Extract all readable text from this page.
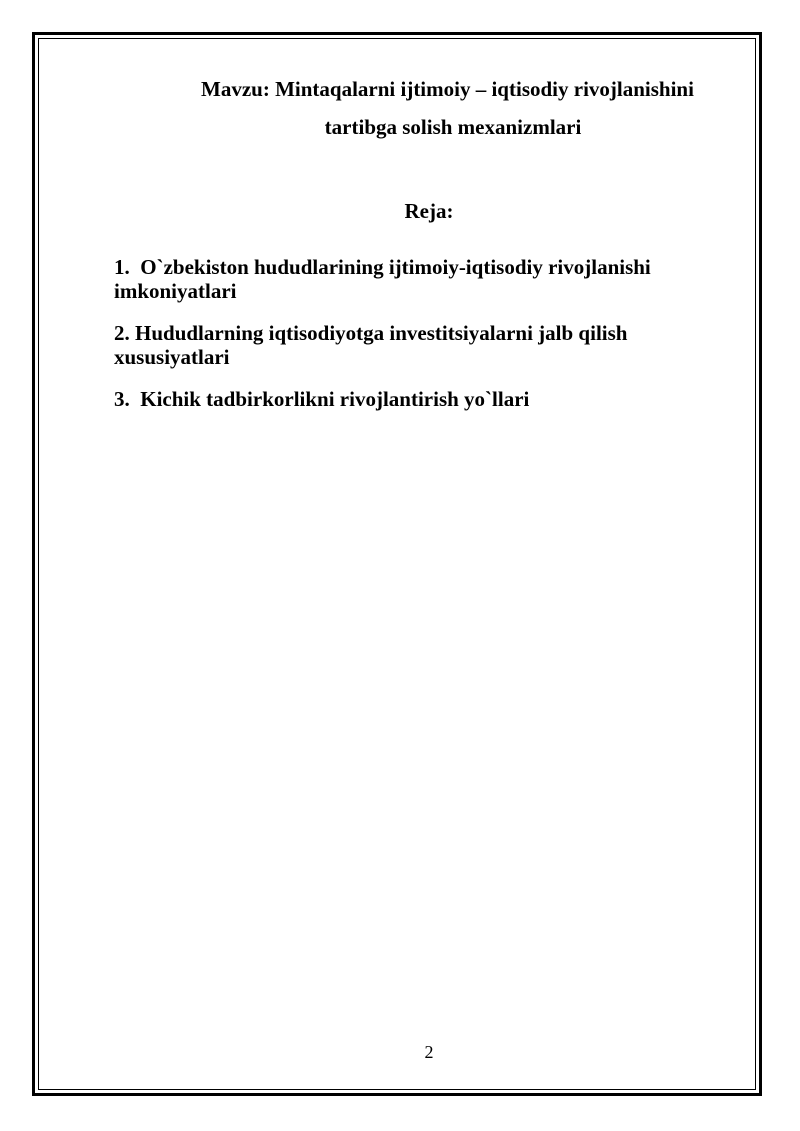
Mavzu: Mintaqalarni ijtimoiy – iqtisodiy rivojlanishini
tartibga solish mexanizmlari
Reja:
1.  O`zbekiston hududlarining ijtimoiy-iqtisodiy rivojlanishi imkoniyatlari
2. Hududlarning iqtisodiyotga investitsiyalarni jalb qilish xususiyatlari
3.  Kichik tadbirkorlikni rivojlantirish yo`llari
2
